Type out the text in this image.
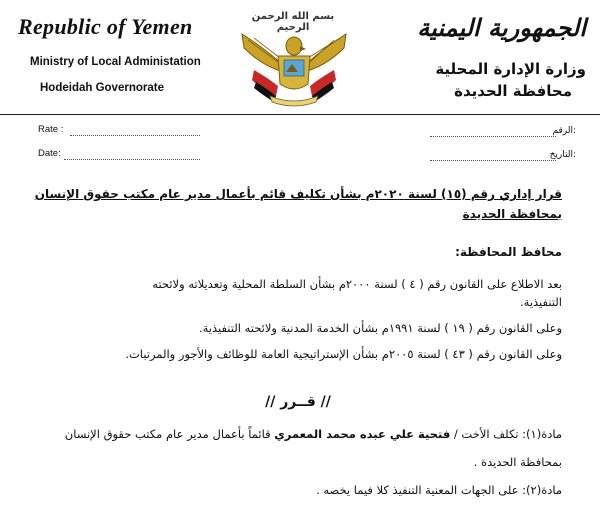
Republic of Yemen
Ministry of Local Administation
Hodeidah Governorate
بسم الله الرحمن الرحيم	الجمهورية اليمنية
وزارة الإدارة المحلية
محافظة الحديدة
Rate :
Date:
:الرقم
:التاريخ
قرار إداري رقم (١٥) لسنة ٢٠٢٠م بشأن تكليف قائم بأعمال مدير عام مكتب حقوق الإنسان
بمحافظة الحديدة
محافظ المحافظة:
بعد الاطلاع على القانون رقم ( ٤ ) لسنة ٢٠٠٠م بشأن السلطة المحلية وتعديلاته ولائحته
التنفيذية.
وعلى القانون رقم ( ١٩ ) لسنة ١٩٩١م بشأن الخدمة المدنية ولائحته التنفيذية.
وعلى القانون رقم ( ٤٣ ) لسنة ٢٠٠٥م بشأن الإستراتيجية العامة للوظائف والأجور والمرتبات.
// قــرر //
مادة(١): تكلف الأخت / فتحية علي عبده محمد المعمري قائماً بأعمال مدير عام مكتب حقوق الإنسان
بمحافظة الحديدة .
مادة(٢): على الجهات المعنية التنفيذ كلا فيما يخصه .
